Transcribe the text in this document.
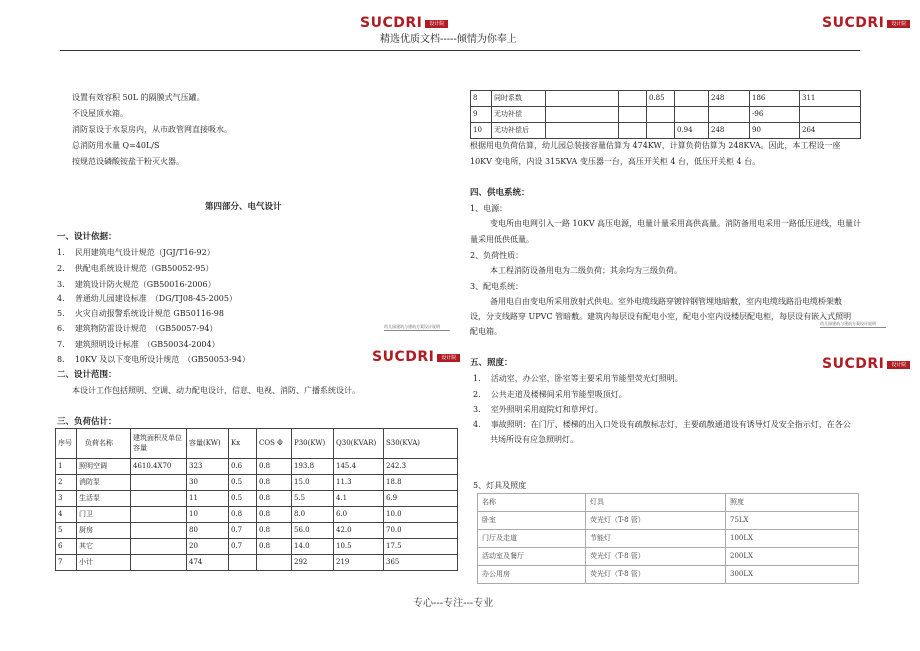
SUCDRI 设计院	SUCDRI 设计院
精选优质文档-----倾情为你奉上
设置有效容积 50L 的隔膜式气压罐。
不设屋顶水箱。
消防泵设于水泵房内，从市政管网直接吸水。
总消防用水量 Q=40L/S
按规范设磷酸铵盐干粉灭火器。
第四部分、电气设计
一、设计依据：
1. 民用建筑电气设计规范（JGJ/T16-92）
2. 供配电系统设计规范（GB50052-95）
3. 建筑设计防火规范（GB50016-2006）
4. 普通幼儿园建设标准　（DG/TJ08-45-2005）
5. 火灾自动报警系统设计规范 GB50116-98
6. 建筑物防雷设计规范　（GB50057-94）
7. 建筑照明设计标准　（GB50034-2004）
8. 10KV 及以下变电所设计规范　（GB50053-94）
幼儿园建筑与建筑方案设计说明
SUCDRI 设计院
二、设计范围：
本设计工作包括照明、空调、动力配电设计，信息、电视、消防、广播系统设计。
三、负荷估计：
序号	负荷名称	建筑面积及单位容量	容量(KW)	Kx	COS Φ	P30(KW)	Q30(KVAR)	S30(KVA)
1	照明空调	4610.4X70	323	0.6	0.8	193.8	145.4	242.3
2	消防泵		30	0.5	0.8	15.0	11.3	18.8
3	生活泵		11	0.5	0.8	5.5	4.1	6.9
4	门卫		10	0.8	0.8	8.0	6.0	10.0
5	厨房		80	0.7	0.8	56.0	42.0	70.0
6	其它		20	0.7	0.8	14.0	10.5	17.5
7	小计		474			292	219	365
8	同时系数			0.85		248	186	311
9	无功补偿						-96	
10	无功补偿后				0.94	248	90	264
根据用电负荷估算，幼儿园总装接容量估算为 474KW，计算负荷估算为 248KVA。因此，本工程设一座
10KV 变电所，内设 315KVA 变压器一台，高压开关柜 4 台，低压开关柜 4 台。
四、供电系统：
1、电源：
变电所由电网引入一路 10KV 高压电源，电量计量采用高供高量。消防备用电采用一路低压进线，电量计
量采用低供低量。
2、负荷性质：
本工程消防设备用电为二级负荷；其余均为三级负荷。
3、配电系统：
备用电自由变电所采用放射式供电。室外电缆线路穿镀锌钢管埋地暗敷，室内电缆线路沿电缆桥架敷
设，分支线路穿 UPVC 管暗敷。建筑内每层设有配电小室，配电小室内设楼层配电柜，每层设有嵌入式照明
配电箱。
幼儿园建筑与建筑方案设计说明
SUCDRI 设计院
五、照度：
1. 活动室，办公室，卧室等主要采用节能型荧光灯照明。
2. 公共走道及楼梯间采用节能型吸顶灯。
3. 室外照明采用庭院灯和草坪灯。
4. 事故照明：在门厅、楼梯的出入口处设有疏散标志灯，主要疏散通道设有诱导灯及安全指示灯，在各公
共场所设有应急照明灯。
5、灯具及照度
名称	灯具	照度
卧室	荧光灯（T-8 管）	75LX
门厅及走道	节能灯	100LX
活动室及餐厅	荧光灯（T-8 管）	200LX
办公用房	荧光灯（T-8 管）	300LX
专心---专注---专业
